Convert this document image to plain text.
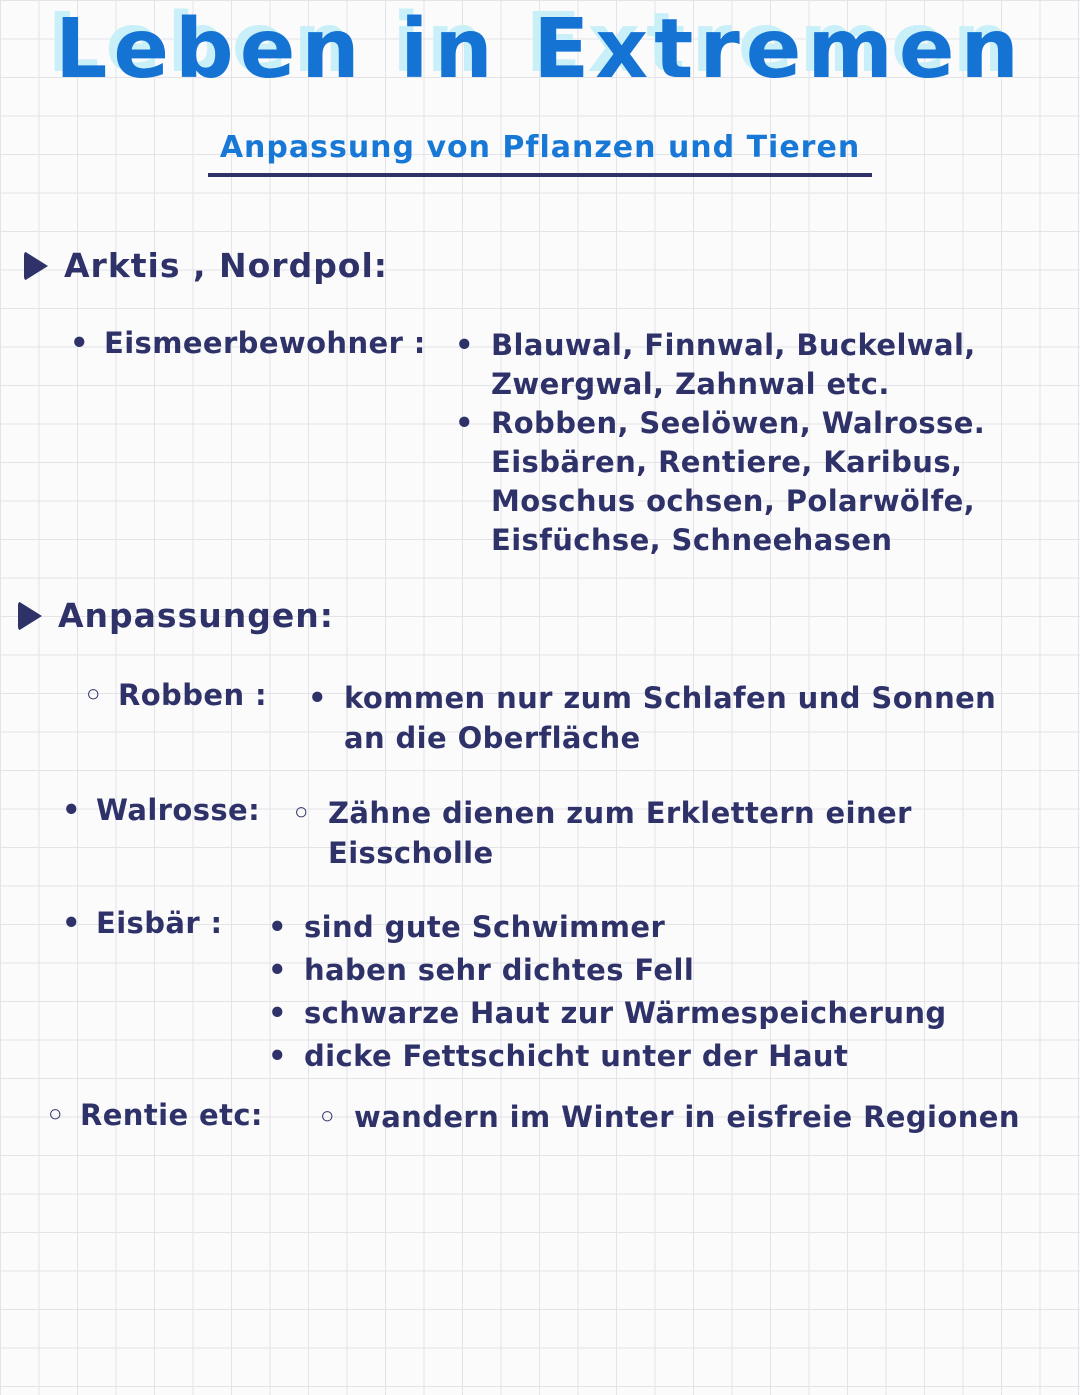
Leben in Extremen
Anpassung von Pflanzen und Tieren
Arktis , Nordpol:
• Eismeerbewohner : • Blauwal, Finnwal, Buckelwal,
Zwergwal, Zahnwal etc.
• Robben, Seelöwen, Walrosse.
Eisbären, Rentiere, Karibus,
Moschus ochsen, Polarwölfe,
Eisfüchse, Schneehasen
Anpassungen:
◦ Robben : • kommen nur zum Schlafen und Sonnen
an die Oberfläche
• Walrosse: ◦ Zähne dienen zum Erklettern einer
Eisscholle
• Eisbär : • sind gute Schwimmer
• haben sehr dichtes Fell
• schwarze Haut zur Wärmespeicherung
• dicke Fettschicht unter der Haut
◦ Rentie etc: ◦ wandern im Winter in eisfreie Regionen
